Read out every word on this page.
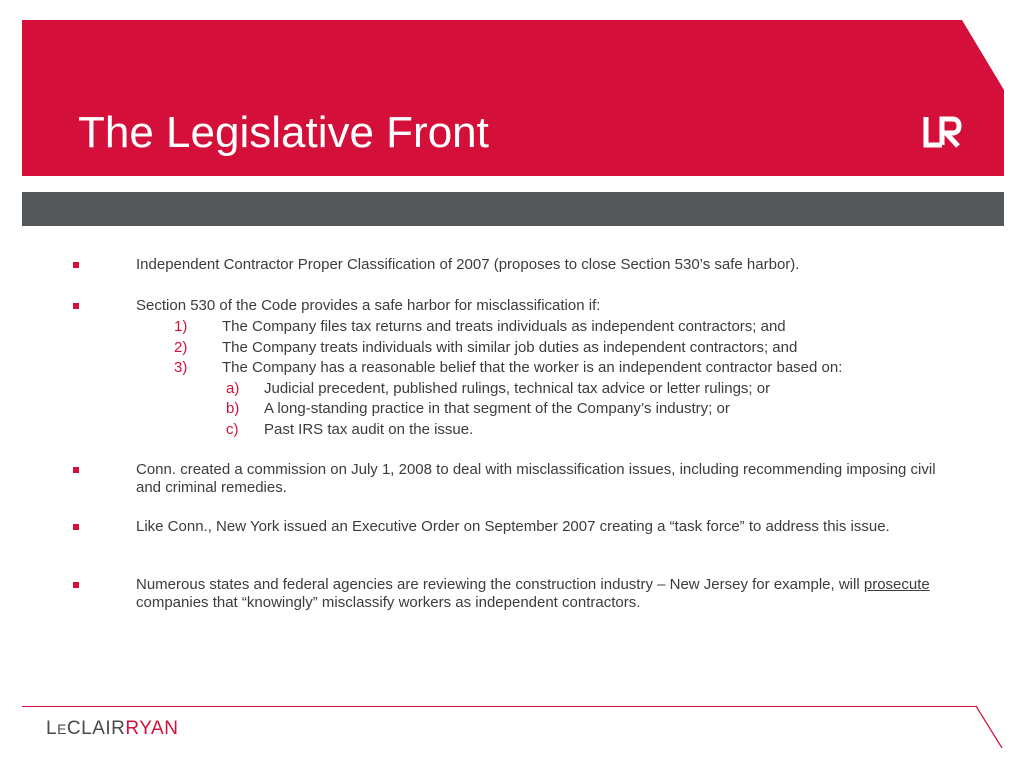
The Legislative Front
Independent Contractor Proper Classification of 2007 (proposes to close Section 530’s safe harbor).
Section 530 of the Code provides a safe harbor for misclassification if:
1) The Company files tax returns and treats individuals as independent contractors; and
2) The Company treats individuals with similar job duties as independent contractors; and
3) The Company has a reasonable belief that the worker is an independent contractor based on:
a) Judicial precedent, published rulings, technical tax advice or letter rulings; or
b) A long-standing practice in that segment of the Company’s industry; or
c) Past IRS tax audit on the issue.
Conn. created a commission on July 1, 2008 to deal with misclassification issues, including recommending imposing civil and criminal remedies.
Like Conn., New York issued an Executive Order on September 2007 creating a “task force” to address this issue.
Numerous states and federal agencies are reviewing the construction industry – New Jersey for example, will prosecute companies that “knowingly” misclassify workers as independent contractors.
LECLAIRRYAN
